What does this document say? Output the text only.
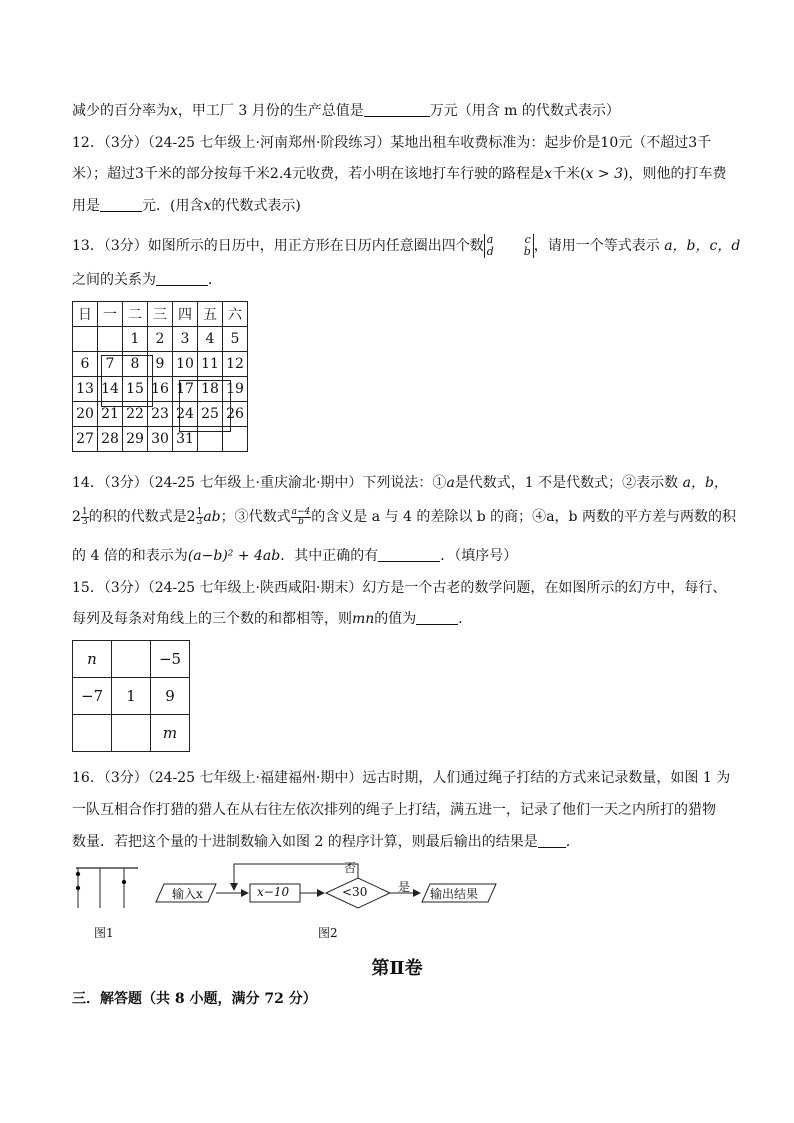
减少的百分率为x，甲工厂 3 月份的生产总值是	万元（用含 m 的代数式表示）
12．（3分）（24-25 七年级上·河南郑州·阶段练习）某地出租车收费标准为：起步价是10元（不超过3千
米）；超过3千米的部分按每千米2.4元收费，若小明在该地打车行驶的路程是x千米(x > 3)，则他的打车费
用是	元．(用含x的代数式表示)
13．（3分）如图所示的日历中，用正方形在日历内任意圈出四个数 a	c
d	b ，请用一个等式表示 a，b，c，d
之间的关系为	．
日	一	二	三	四	五	六
		1	2	3	4	5
6	7	8	9	10	11	12
13	14	15	16	17	18	19
20	21	22	23	24	25	26
27	28	29	30	31		
14．（3分）（24-25 七年级上·重庆渝北·期中）下列说法：①a是代数式，1 不是代数式；②表示数 a，b，
$2 \frac{1}{3}$ 的积的代数式是$2 \frac{1}{3}$ ab；③代数式 $\frac{a-4}{b}$ 的含义是 a 与 4 的差除以 b 的商；④a，b 两数的平方差与两数的积
的 4 倍的和表示为(a−b)² + 4ab．其中正确的有	．（填序号）
15．（3分）（24-25 七年级上·陕西咸阳·期末）幻方是一个古老的数学问题，在如图所示的幻方中，每行、
每列及每条对角线上的三个数的和都相等，则mn的值为	．
n		−5
−7	1	9
		m
16．（3分）（24-25 七年级上·福建福州·期中）远古时期，人们通过绳子打结的方式来记录数量，如图 1 为
一队互相合作打猎的猎人在从右往左依次排列的绳子上打结，满五进一，记录了他们一天之内所打的猎物
数量．若把这个量的十进制数输入如图 2 的程序计算，则最后输出的结果是 ．
图1
输入x	x−10	<30
否
是 输出结果
图2
第Ⅱ卷
三．解答题（共 8 小题，满分 72 分）
